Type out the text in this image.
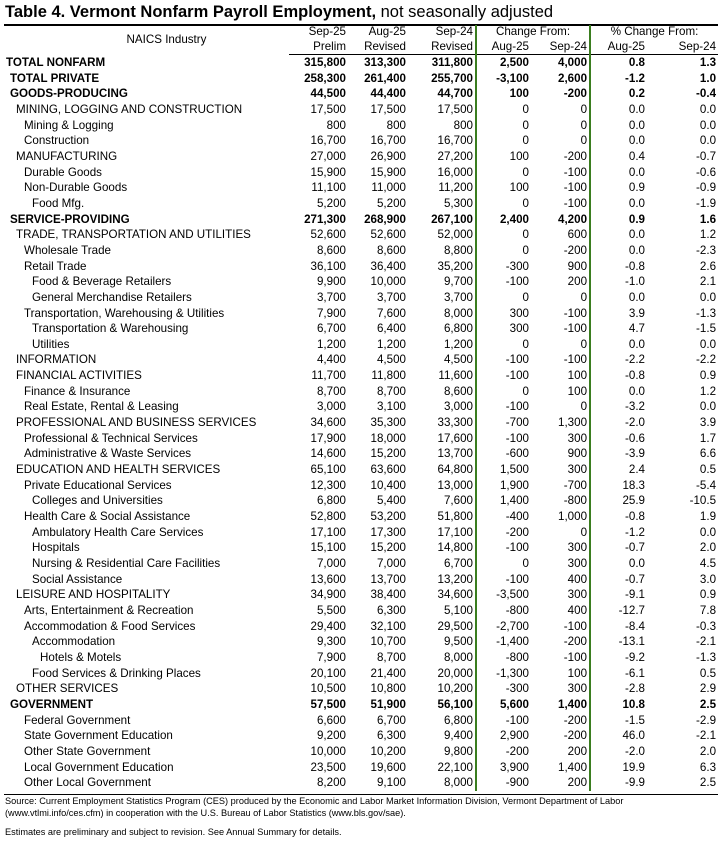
Table 4. Vermont Nonfarm Payroll Employment, not seasonally adjusted
NAICS Industry	Sep-25	Aug-25	Sep-24	Change From:		% Change From:	
	Prelim	Revised	Revised	Aug-25	Sep-24	Aug-25	Sep-24
TOTAL NONFARM	315,800	313,300	311,800	2,500	4,000	0.8	1.3
TOTAL PRIVATE	258,300	261,400	255,700	-3,100	2,600	-1.2	1.0
GOODS-PRODUCING	44,500	44,400	44,700	100	-200	0.2	-0.4
MINING, LOGGING AND CONSTRUCTION	17,500	17,500	17,500	0	0	0.0	0.0
Mining & Logging	800	800	800	0	0	0.0	0.0
Construction	16,700	16,700	16,700	0	0	0.0	0.0
MANUFACTURING	27,000	26,900	27,200	100	-200	0.4	-0.7
Durable Goods	15,900	15,900	16,000	0	-100	0.0	-0.6
Non-Durable Goods	11,100	11,000	11,200	100	-100	0.9	-0.9
Food Mfg.	5,200	5,200	5,300	0	-100	0.0	-1.9
SERVICE-PROVIDING	271,300	268,900	267,100	2,400	4,200	0.9	1.6
TRADE, TRANSPORTATION AND UTILITIES	52,600	52,600	52,000	0	600	0.0	1.2
Wholesale Trade	8,600	8,600	8,800	0	-200	0.0	-2.3
Retail Trade	36,100	36,400	35,200	-300	900	-0.8	2.6
Food & Beverage Retailers	9,900	10,000	9,700	-100	200	-1.0	2.1
General Merchandise Retailers	3,700	3,700	3,700	0	0	0.0	0.0
Transportation, Warehousing & Utilities	7,900	7,600	8,000	300	-100	3.9	-1.3
Transportation & Warehousing	6,700	6,400	6,800	300	-100	4.7	-1.5
Utilities	1,200	1,200	1,200	0	0	0.0	0.0
INFORMATION	4,400	4,500	4,500	-100	-100	-2.2	-2.2
FINANCIAL ACTIVITIES	11,700	11,800	11,600	-100	100	-0.8	0.9
Finance & Insurance	8,700	8,700	8,600	0	100	0.0	1.2
Real Estate, Rental & Leasing	3,000	3,100	3,000	-100	0	-3.2	0.0
PROFESSIONAL AND BUSINESS SERVICES	34,600	35,300	33,300	-700	1,300	-2.0	3.9
Professional & Technical Services	17,900	18,000	17,600	-100	300	-0.6	1.7
Administrative & Waste Services	14,600	15,200	13,700	-600	900	-3.9	6.6
EDUCATION AND HEALTH SERVICES	65,100	63,600	64,800	1,500	300	2.4	0.5
Private Educational Services	12,300	10,400	13,000	1,900	-700	18.3	-5.4
Colleges and Universities	6,800	5,400	7,600	1,400	-800	25.9	-10.5
Health Care & Social Assistance	52,800	53,200	51,800	-400	1,000	-0.8	1.9
Ambulatory Health Care Services	17,100	17,300	17,100	-200	0	-1.2	0.0
Hospitals	15,100	15,200	14,800	-100	300	-0.7	2.0
Nursing & Residential Care Facilities	7,000	7,000	6,700	0	300	0.0	4.5
Social Assistance	13,600	13,700	13,200	-100	400	-0.7	3.0
LEISURE AND HOSPITALITY	34,900	38,400	34,600	-3,500	300	-9.1	0.9
Arts, Entertainment & Recreation	5,500	6,300	5,100	-800	400	-12.7	7.8
Accommodation & Food Services	29,400	32,100	29,500	-2,700	-100	-8.4	-0.3
Accommodation	9,300	10,700	9,500	-1,400	-200	-13.1	-2.1
Hotels & Motels	7,900	8,700	8,000	-800	-100	-9.2	-1.3
Food Services & Drinking Places	20,100	21,400	20,000	-1,300	100	-6.1	0.5
OTHER SERVICES	10,500	10,800	10,200	-300	300	-2.8	2.9
GOVERNMENT	57,500	51,900	56,100	5,600	1,400	10.8	2.5
Federal Government	6,600	6,700	6,800	-100	-200	-1.5	-2.9
State Government Education	9,200	6,300	9,400	2,900	-200	46.0	-2.1
Other State Government	10,000	10,200	9,800	-200	200	-2.0	2.0
Local Government Education	23,500	19,600	22,100	3,900	1,400	19.9	6.3
Other Local Government	8,200	9,100	8,000	-900	200	-9.9	2.5
Source: Current Employment Statistics Program (CES) produced by the Economic and Labor Market Information Division, Vermont Department of Labor
(www.vtlmi.info/ces.cfm) in cooperation with the U.S. Bureau of Labor Statistics (www.bls.gov/sae).
Estimates are preliminary and subject to revision. See Annual Summary for details.
